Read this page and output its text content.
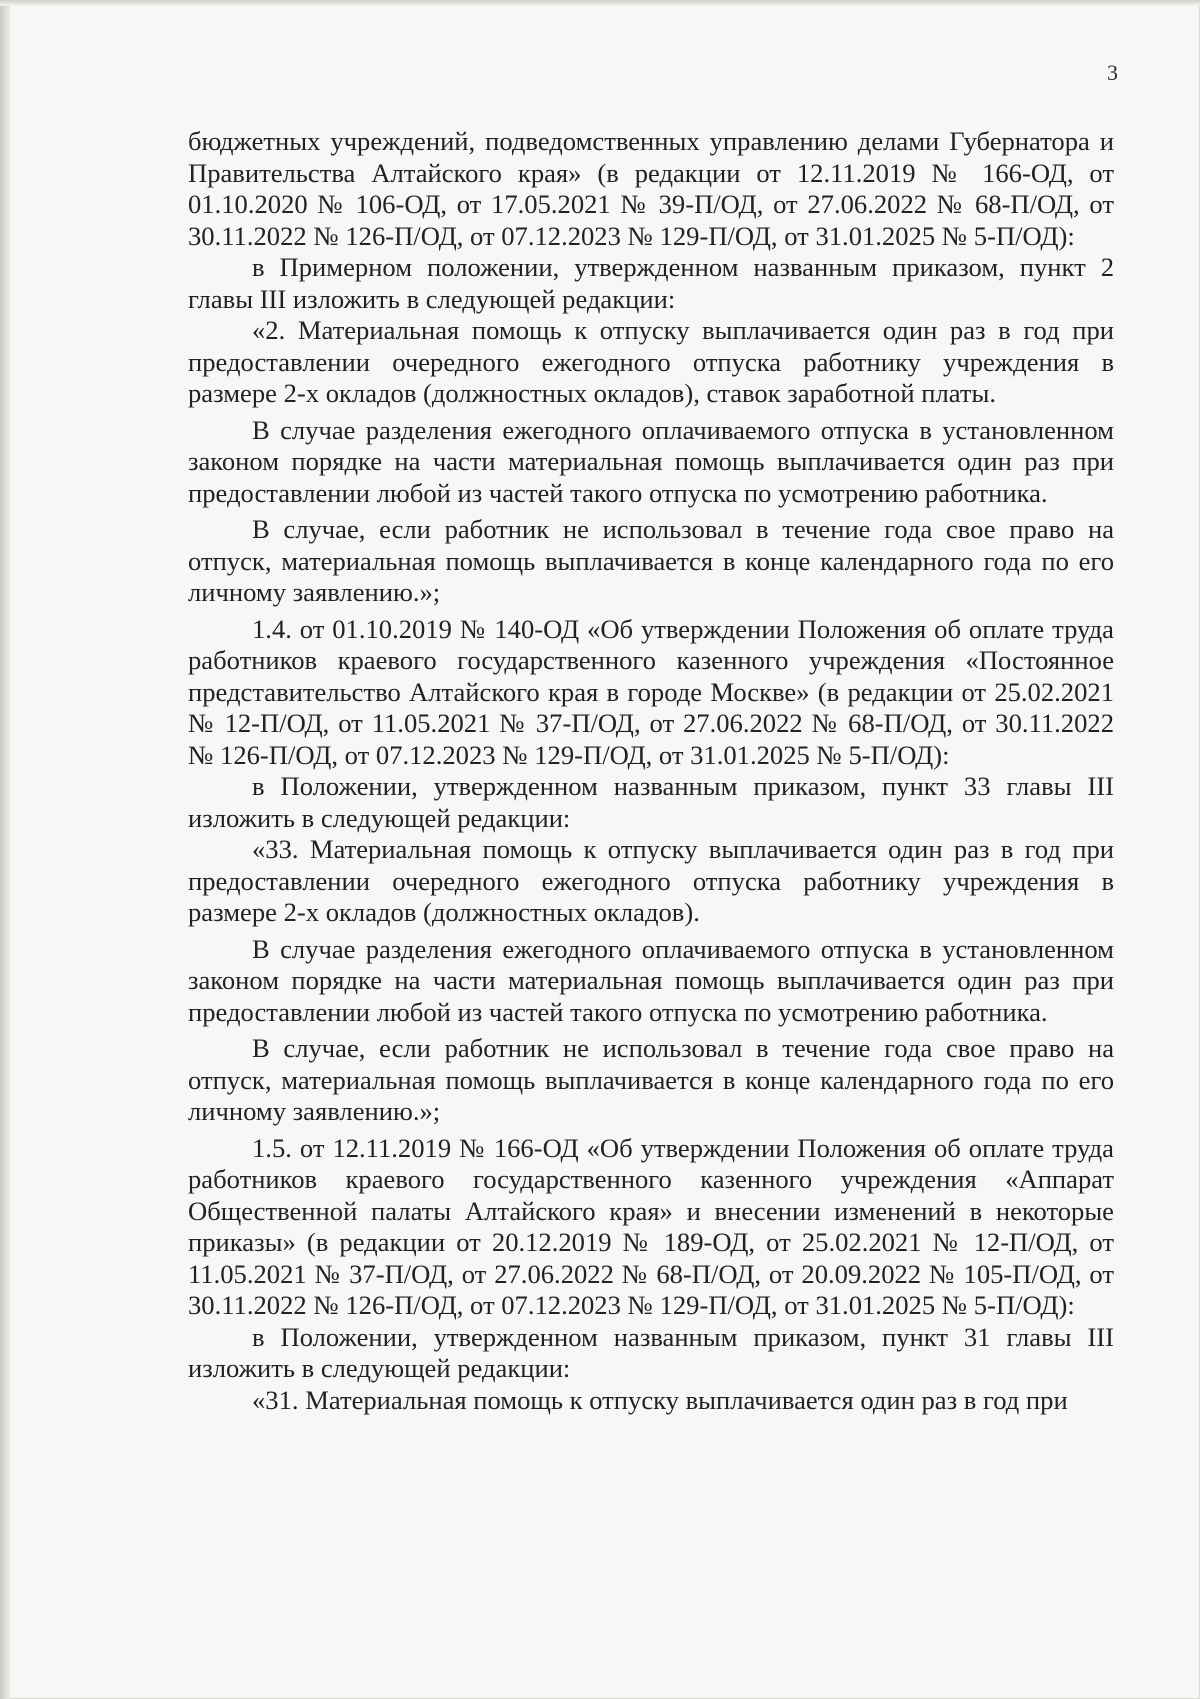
3

бюджетных учреждений, подведомственных управлению делами Губернатора и Правительства Алтайского края» (в редакции от 12.11.2019 № 166-ОД, от 01.10.2020 № 106-ОД, от 17.05.2021 № 39-П/ОД, от 27.06.2022 № 68-П/ОД, от 30.11.2022 № 126-П/ОД, от 07.12.2023 № 129-П/ОД, от 31.01.2025 № 5-П/ОД):

в Примерном положении, утвержденном названным приказом, пункт 2 главы III изложить в следующей редакции:

«2. Материальная помощь к отпуску выплачивается один раз в год при предоставлении очередного ежегодного отпуска работнику учреждения в размере 2-х окладов (должностных окладов), ставок заработной платы.

В случае разделения ежегодного оплачиваемого отпуска в установленном законом порядке на части материальная помощь выплачивается один раз при предоставлении любой из частей такого отпуска по усмотрению работника.

В случае, если работник не использовал в течение года свое право на отпуск, материальная помощь выплачивается в конце календарного года по его личному заявлению.»;

1.4. от 01.10.2019 № 140-ОД «Об утверждении Положения об оплате труда работников краевого государственного казенного учреждения «Постоянное представительство Алтайского края в городе Москве» (в редакции от 25.02.2021 № 12-П/ОД, от 11.05.2021 № 37-П/ОД, от 27.06.2022 № 68-П/ОД, от 30.11.2022 № 126-П/ОД, от 07.12.2023 № 129-П/ОД, от 31.01.2025 № 5-П/ОД):

в Положении, утвержденном названным приказом, пункт 33 главы III изложить в следующей редакции:

«33. Материальная помощь к отпуску выплачивается один раз в год при предоставлении очередного ежегодного отпуска работнику учреждения в размере 2-х окладов (должностных окладов).

В случае разделения ежегодного оплачиваемого отпуска в установленном законом порядке на части материальная помощь выплачивается один раз при предоставлении любой из частей такого отпуска по усмотрению работника.

В случае, если работник не использовал в течение года свое право на отпуск, материальная помощь выплачивается в конце календарного года по его личному заявлению.»;

1.5. от 12.11.2019 № 166-ОД «Об утверждении Положения об оплате труда работников краевого государственного казенного учреждения «Аппарат Общественной палаты Алтайского края» и внесении изменений в некоторые приказы» (в редакции от 20.12.2019 № 189-ОД, от 25.02.2021 № 12-П/ОД, от 11.05.2021 № 37-П/ОД, от 27.06.2022 № 68-П/ОД, от 20.09.2022 № 105-П/ОД, от 30.11.2022 № 126-П/ОД, от 07.12.2023 № 129-П/ОД, от 31.01.2025 № 5-П/ОД):

в Положении, утвержденном названным приказом, пункт 31 главы III изложить в следующей редакции:

«31. Материальная помощь к отпуску выплачивается один раз в год при
